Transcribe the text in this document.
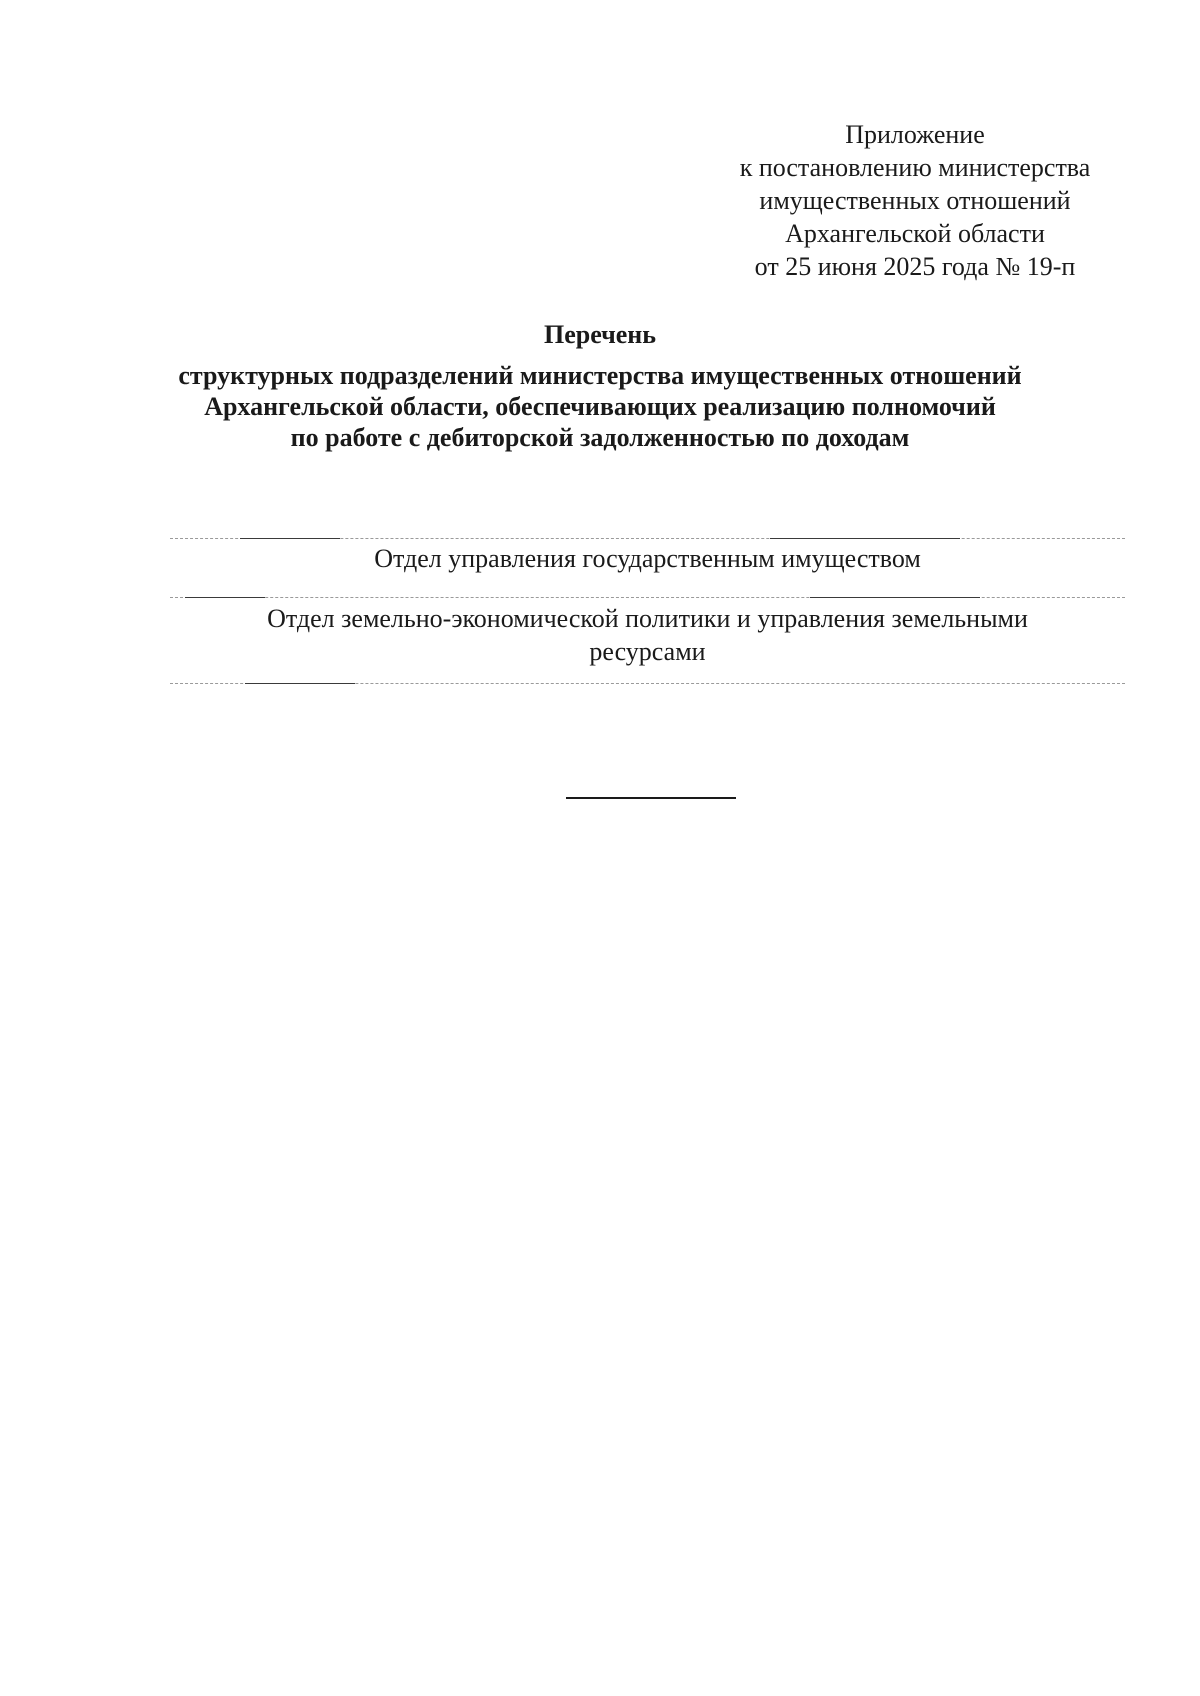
Приложение
к постановлению министерства
имущественных отношений
Архангельской области
от 25 июня 2025 года № 19-п
Перечень
структурных подразделений министерства имущественных отношений
Архангельской области, обеспечивающих реализацию полномочий
по работе с дебиторской задолженностью по доходам
Отдел управления государственным имуществом
Отдел земельно-экономической политики и управления земельными
ресурсами
